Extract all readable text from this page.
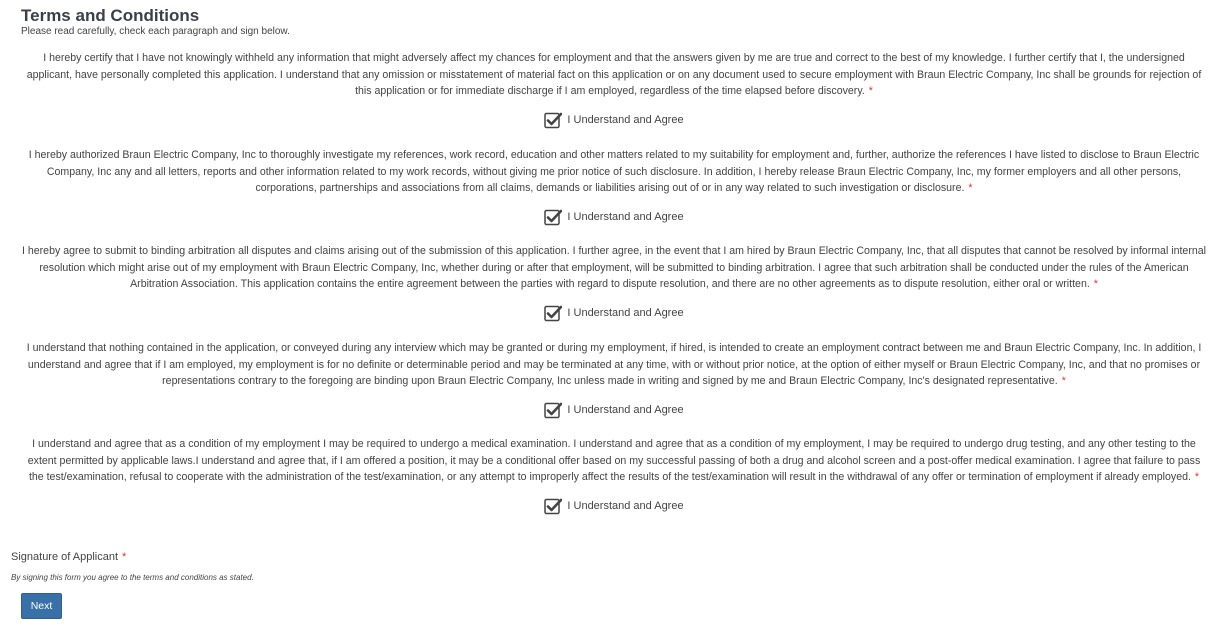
Terms and Conditions

Please read carefully, check each paragraph and sign below.

I hereby certify that I have not knowingly withheld any information that might adversely affect my chances for employment and that the answers given by me are true and correct to the best of my knowledge. I further certify that I, the undersigned applicant, have personally completed this application. I understand that any omission or misstatement of material fact on this application or on any document used to secure employment with Braun Electric Company, Inc shall be grounds for rejection of this application or for immediate discharge if I am employed, regardless of the time elapsed before discovery. *

I Understand and Agree

I hereby authorized Braun Electric Company, Inc to thoroughly investigate my references, work record, education and other matters related to my suitability for employment and, further, authorize the references I have listed to disclose to Braun Electric Company, Inc any and all letters, reports and other information related to my work records, without giving me prior notice of such disclosure. In addition, I hereby release Braun Electric Company, Inc, my former employers and all other persons, corporations, partnerships and associations from all claims, demands or liabilities arising out of or in any way related to such investigation or disclosure. *

I Understand and Agree

I hereby agree to submit to binding arbitration all disputes and claims arising out of the submission of this application. I further agree, in the event that I am hired by Braun Electric Company, Inc, that all disputes that cannot be resolved by informal internal resolution which might arise out of my employment with Braun Electric Company, Inc, whether during or after that employment, will be submitted to binding arbitration. I agree that such arbitration shall be conducted under the rules of the American Arbitration Association. This application contains the entire agreement between the parties with regard to dispute resolution, and there are no other agreements as to dispute resolution, either oral or written. *

I Understand and Agree

I understand that nothing contained in the application, or conveyed during any interview which may be granted or during my employment, if hired, is intended to create an employment contract between me and Braun Electric Company, Inc. In addition, I understand and agree that if I am employed, my employment is for no definite or determinable period and may be terminated at any time, with or without prior notice, at the option of either myself or Braun Electric Company, Inc, and that no promises or representations contrary to the foregoing are binding upon Braun Electric Company, Inc unless made in writing and signed by me and Braun Electric Company, Inc's designated representative. *

I Understand and Agree

I understand and agree that as a condition of my employment I may be required to undergo a medical examination. I understand and agree that as a condition of my employment, I may be required to undergo drug testing, and any other testing to the extent permitted by applicable laws.I understand and agree that, if I am offered a position, it may be a conditional offer based on my successful passing of both a drug and alcohol screen and a post-offer medical examination. I agree that failure to pass the test/examination, refusal to cooperate with the administration of the test/examination, or any attempt to improperly affect the results of the test/examination will result in the withdrawal of any offer or termination of employment if already employed. *

I Understand and Agree
Signature of Applicant *
By signing this form you agree to the terms and conditions as stated.
Next
